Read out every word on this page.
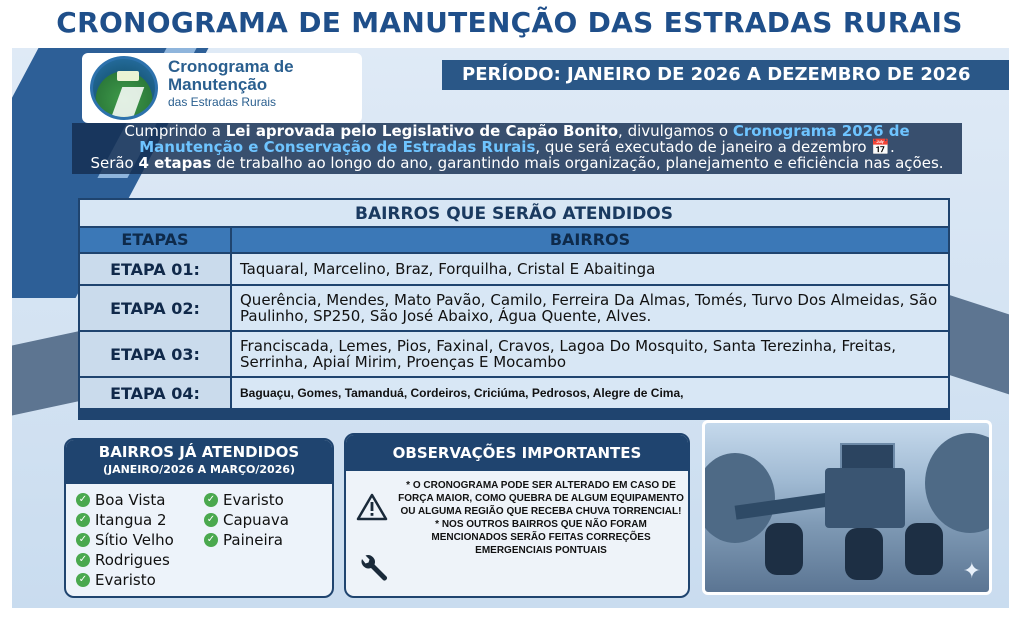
CRONOGRAMA DE MANUTENÇÃO DAS ESTRADAS RURAIS
Cronograma de
Manutenção
das Estradas Rurais
PERÍODO: JANEIRO DE 2026 A DEZEMBRO DE 2026
Cumprindo a Lei aprovada pelo Legislativo de Capão Bonito, divulgamos o Cronograma 2026 de Manutenção e Conservação de Estradas Rurais, que será executado de janeiro a dezembro 📅.
Serão 4 etapas de trabalho ao longo do ano, garantindo mais organização, planejamento e eficiência nas ações.
BAIRROS QUE SERÃO ATENDIDOS
ETAPAS	BAIRROS
ETAPA 01:	Taquaral, Marcelino, Braz, Forquilha, Cristal E Abaitinga
ETAPA 02:	Querência, Mendes, Mato Pavão, Camilo, Ferreira Da Almas, Tomés, Turvo Dos Almeidas, São Paulinho, SP250, São José Abaixo, Água Quente, Alves.
ETAPA 03:	Franciscada, Lemes, Pios, Faxinal, Cravos, Lagoa Do Mosquito, Santa Terezinha, Freitas, Serrinha, Apiaí Mirim, Proenças E Mocambo
ETAPA 04:	Baguaçu, Gomes, Tamanduá, Cordeiros, Criciúma, Pedrosos, Alegre de Cima,
BAIRROS JÁ ATENDIDOS
(JANEIRO/2026 A MARÇO/2026)
✓ Boa Vista
✓ Itangua 2
✓ Sítio Velho
✓ Rodrigues
✓ Evaristo
✓ Evaristo
✓ Capuava
✓ Paineira
OBSERVAÇÕES IMPORTANTES
* O CRONOGRAMA PODE SER ALTERADO EM CASO DE FORÇA MAIOR, COMO QUEBRA DE ALGUM EQUIPAMENTO OU ALGUMA REGIÃO QUE RECEBA CHUVA TORRENCIAL!
* NOS OUTROS BAIRROS QUE NÃO FORAM MENCIONADOS SERÃO FEITAS CORREÇÕES EMERGENCIAIS PONTUAIS
✦
